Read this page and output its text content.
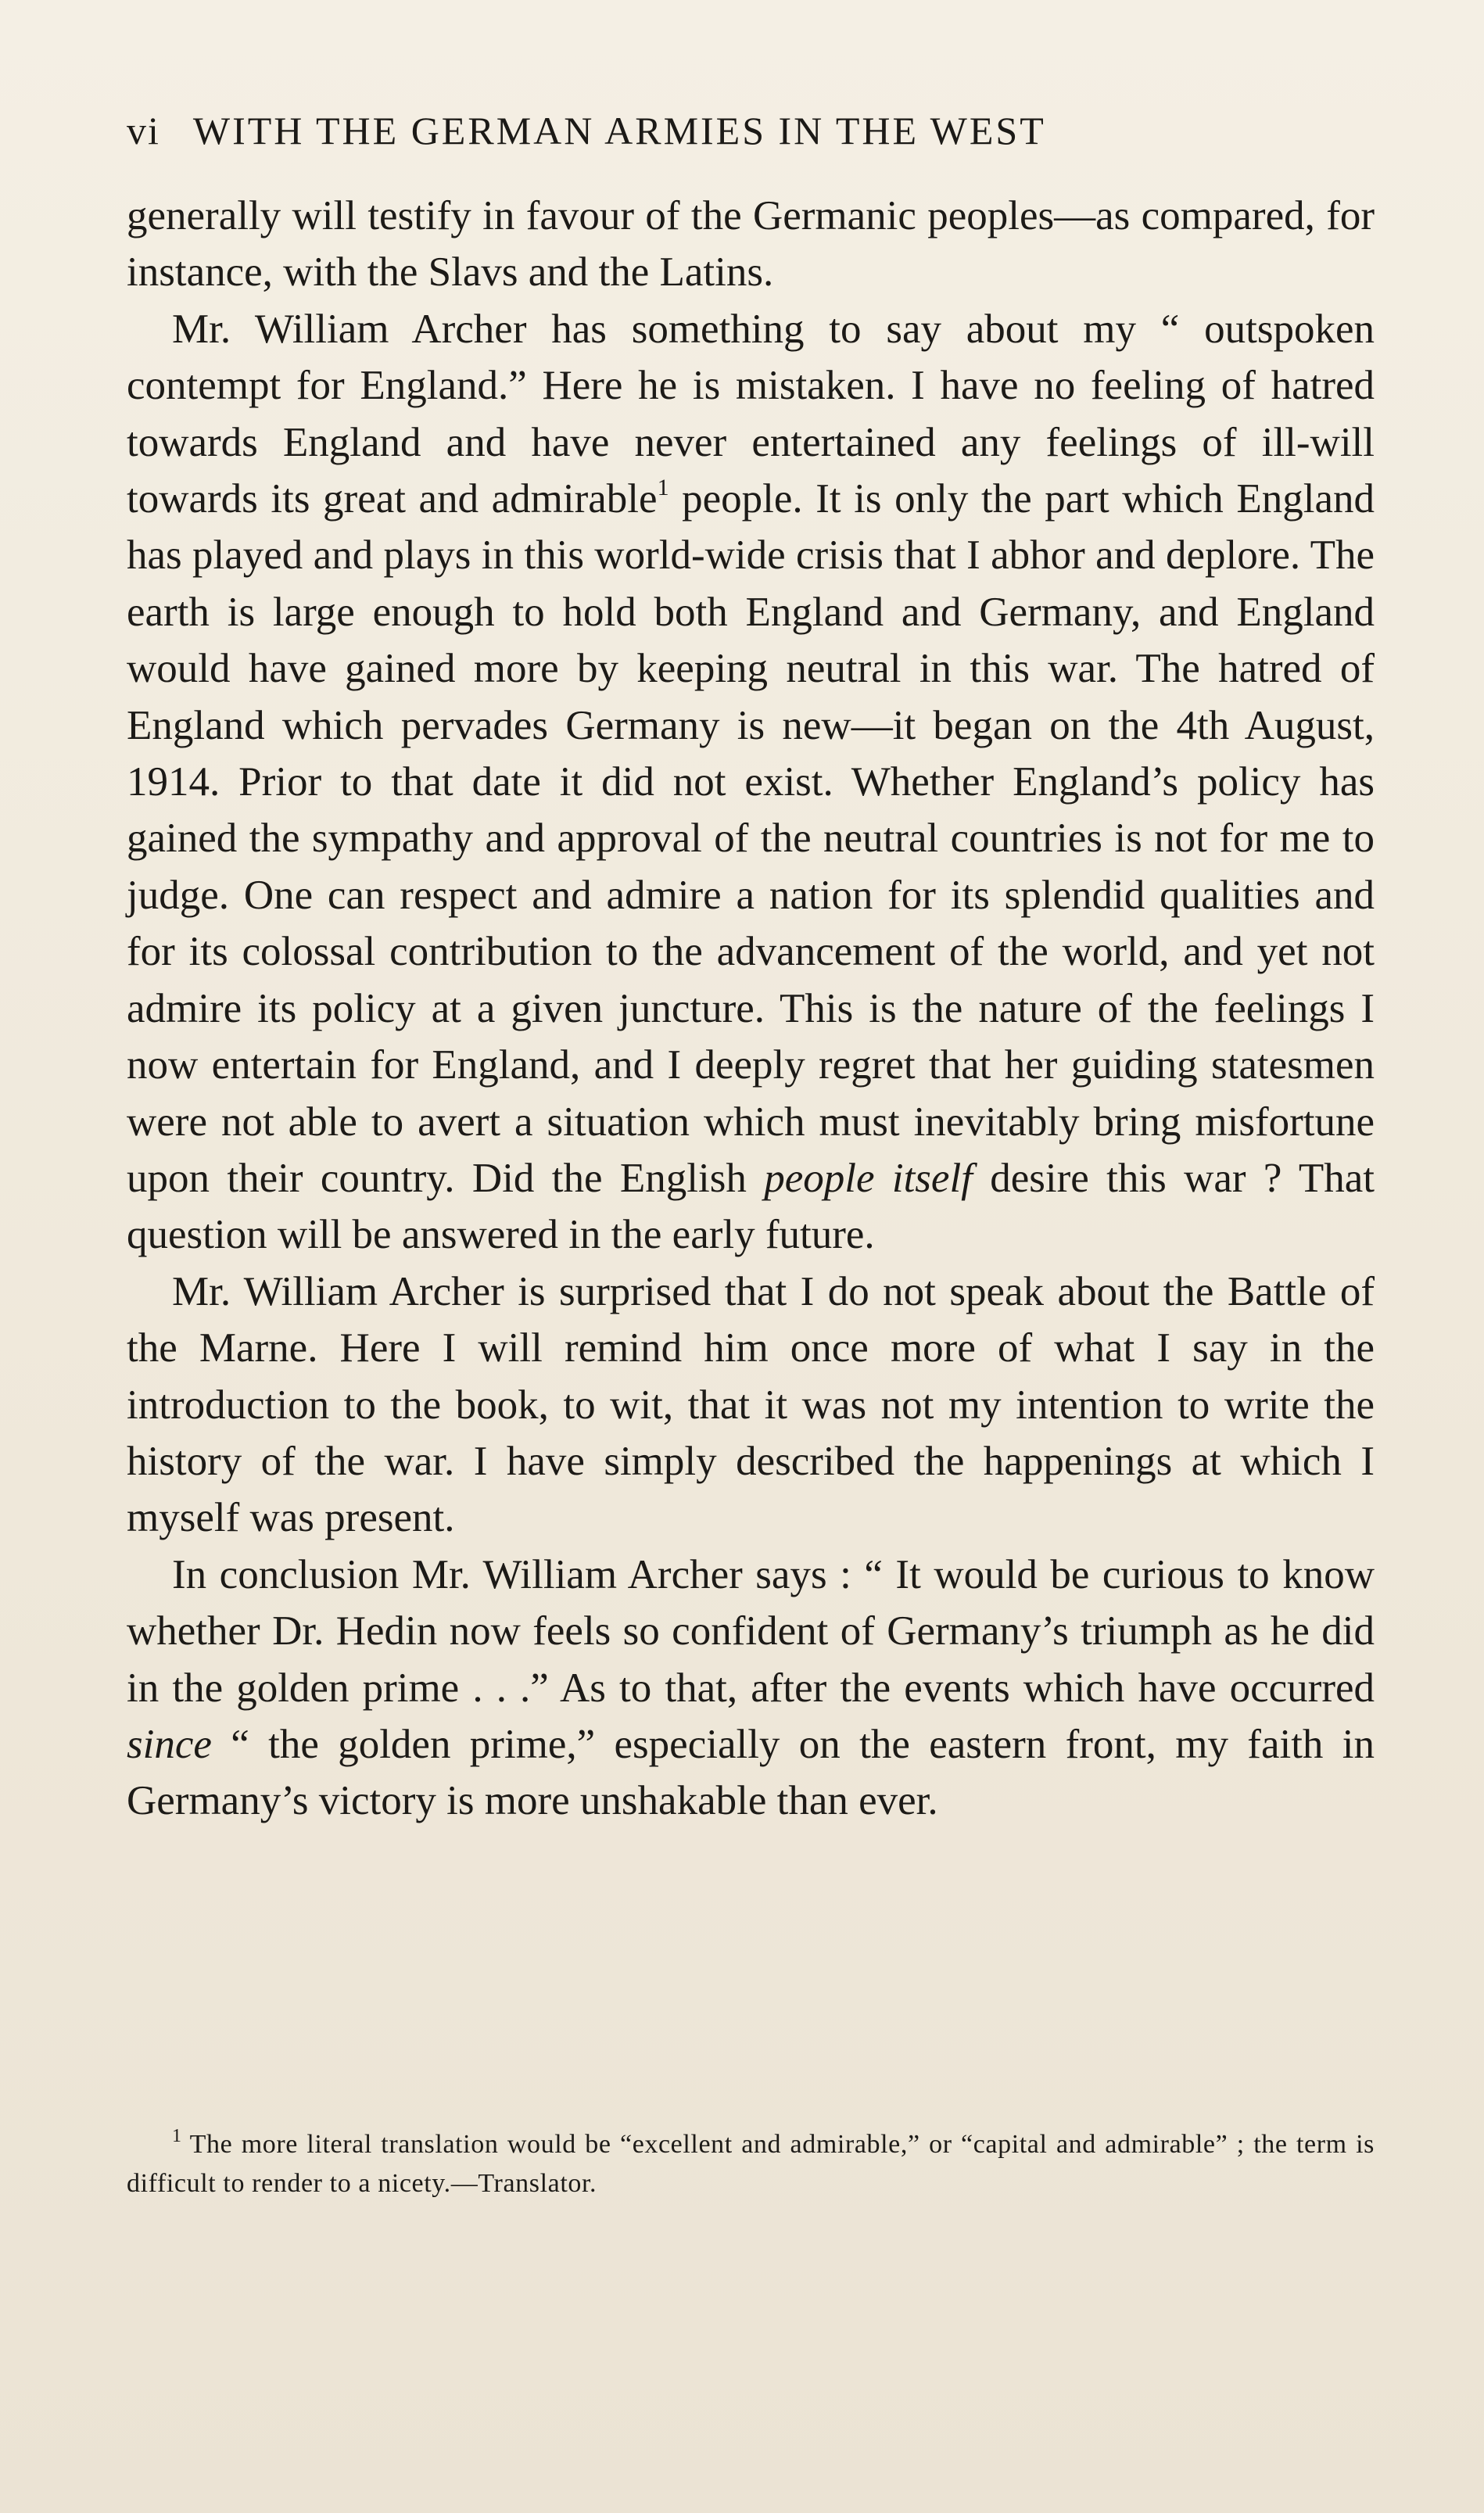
vi WITH THE GERMAN ARMIES IN THE WEST

generally will testify in favour of the Germanic peoples—as compared, for instance, with the Slavs and the Latins.

Mr. William Archer has something to say about my “ outspoken contempt for England.” Here he is mistaken. I have no feeling of hatred towards England and have never entertained any feelings of ill-will towards its great and admirable$^1$ people. It is only the part which England has played and plays in this world-wide crisis that I abhor and deplore. The earth is large enough to hold both England and Germany, and England would have gained more by keeping neutral in this war. The hatred of England which pervades Germany is new—it began on the 4th August, 1914. Prior to that date it did not exist. Whether England’s policy has gained the sympathy and approval of the neutral countries is not for me to judge. One can respect and admire a nation for its splendid qualities and for its colossal contribution to the advancement of the world, and yet not admire its policy at a given juncture. This is the nature of the feelings I now entertain for England, and I deeply regret that her guiding statesmen were not able to avert a situation which must inevitably bring misfortune upon their country. Did the English people itself desire this war ? That question will be answered in the early future.

Mr. William Archer is surprised that I do not speak about the Battle of the Marne. Here I will remind him once more of what I say in the introduction to the book, to wit, that it was not my intention to write the history of the war. I have simply described the happenings at which I myself was present.

In conclusion Mr. William Archer says : “ It would be curious to know whether Dr. Hedin now feels so confident of Germany’s triumph as he did in the golden prime . . .” As to that, after the events which have occurred since “ the golden prime,” especially on the eastern front, my faith in Germany’s victory is more unshakable than ever.

$^1$ The more literal translation would be “excellent and admirable,” or “capital and admirable” ; the term is difficult to render to a nicety.—Translator.
